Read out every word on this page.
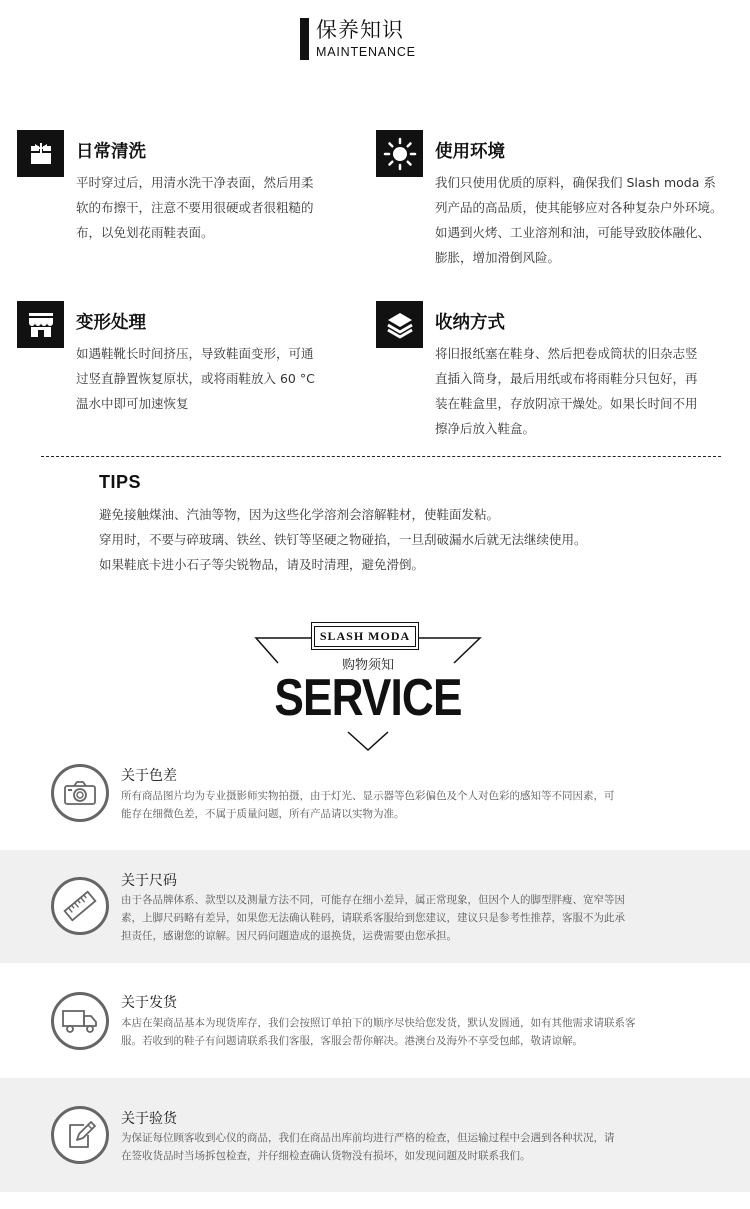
保养知识
MAINTENANCE
日常清洗
平时穿过后，用清水洗干净表面，然后用柔
软的布擦干，注意不要用很硬或者很粗糙的
布，以免划花雨鞋表面。
使用环境
我们只使用优质的原料，确保我们 Slash moda 系
列产品的高品质，使其能够应对各种复杂户外环境。
如遇到火烤、工业溶剂和油，可能导致胶体融化、
膨胀，增加滑倒风险。
变形处理
如遇鞋靴长时间挤压，导致鞋面变形，可通
过竖直静置恢复原状，或将雨鞋放入 60 °C
温水中即可加速恢复
收纳方式
将旧报纸塞在鞋身、然后把卷成筒状的旧杂志竖
直插入筒身，最后用纸或布将雨鞋分只包好，再
装在鞋盒里，存放阴凉干燥处。如果长时间不用
擦净后放入鞋盒。
TIPS
避免接触煤油、汽油等物，因为这些化学溶剂会溶解鞋材，使鞋面发粘。
穿用时，不要与碎玻璃、铁丝、铁钉等坚硬之物碰掐，一旦刮破漏水后就无法继续使用。
如果鞋底卡进小石子等尖锐物品，请及时清理，避免滑倒。
SLASH MODA
购物须知
SERVICE
关于色差
所有商品图片均为专业摄影师实物拍摄，由于灯光、显示器等色彩偏色及个人对色彩的感知等不同因素，可
能存在细微色差，不属于质量问题，所有产品请以实物为准。
关于尺码
由于各品牌体系、款型以及测量方法不同，可能存在细小差异，属正常现象，但因个人的脚型胖瘦、宽窄等因
素，上脚尺码略有差异，如果您无法确认鞋码，请联系客服给到您建议，建议只是参考性推荐，客服不为此承
担责任，感谢您的谅解。因尺码问题造成的退换货，运费需要由您承担。
关于发货
本店在架商品基本为现货库存，我们会按照订单拍下的顺序尽快给您发货，默认发圆通，如有其他需求请联系客
服。若收到的鞋子有问题请联系我们客服，客服会帮你解决。港澳台及海外不享受包邮，敬请谅解。
关于验货
为保证每位顾客收到心仪的商品，我们在商品出库前均进行严格的检查，但运输过程中会遇到各种状况，请
在签收货品时当场拆包检查，并仔细检查确认货物没有损坏，如发现问题及时联系我们。
